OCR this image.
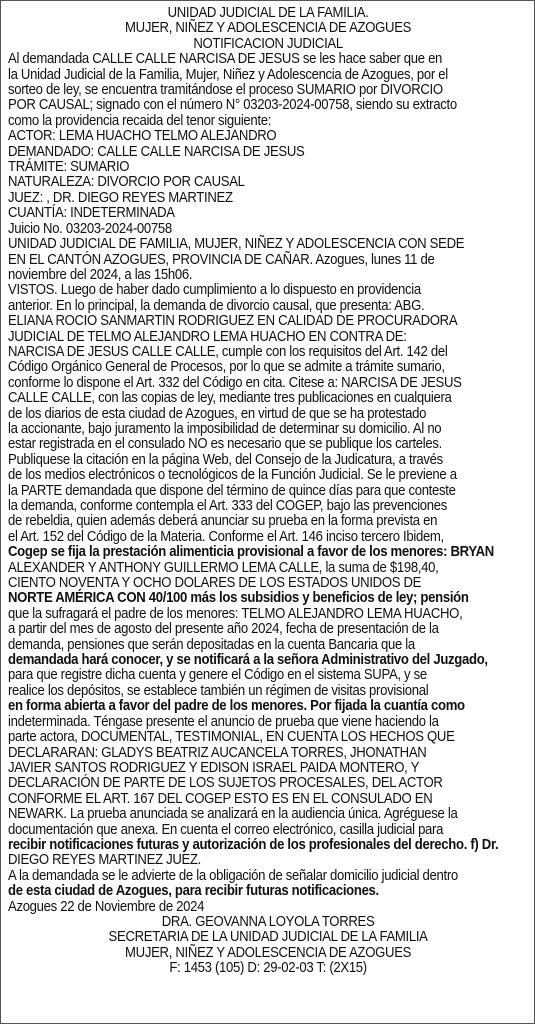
UNIDAD JUDICIAL DE LA FAMILIA.
MUJER, NIÑEZ Y ADOLESCENCIA DE AZOGUES
NOTIFICACION JUDICIAL
Al demandada CALLE CALLE NARCISA DE JESUS se les hace saber que en
la Unidad Judicial de la Familia, Mujer, Niñez y Adolescencia de Azogues, por el
sorteo de ley, se encuentra tramitándose el proceso SUMARIO por DIVORCIO
POR CAUSAL; signado con el número N° 03203-2024-00758, siendo su extracto
como la providencia recaida del tenor siguiente:
ACTOR: LEMA HUACHO TELMO ALEJANDRO
DEMANDADO: CALLE CALLE NARCISA DE JESUS
TRÁMITE: SUMARIO
NATURALEZA: DIVORCIO POR CAUSAL
JUEZ: , DR. DIEGO REYES MARTINEZ
CUANTÍA: INDETERMINADA
Juicio No. 03203-2024-00758
UNIDAD JUDICIAL DE FAMILIA, MUJER, NIÑEZ Y ADOLESCENCIA CON SEDE
EN EL CANTÓN AZOGUES, PROVINCIA DE CAÑAR. Azogues, lunes 11 de
noviembre del 2024, a las 15h06.
VISTOS. Luego de haber dado cumplimiento a lo dispuesto en providencia
anterior. En lo principal, la demanda de divorcio causal, que presenta: ABG.
ELIANA ROCIO SANMARTIN RODRIGUEZ EN CALIDAD DE PROCURADORA
JUDICIAL DE TELMO ALEJANDRO LEMA HUACHO EN CONTRA DE:
NARCISA DE JESUS CALLE CALLE, cumple con los requisitos del Art. 142 del
Código Orgánico General de Procesos, por lo que se admite a trámite sumario,
conforme lo dispone el Art. 332 del Código en cita. Citese a: NARCISA DE JESUS
CALLE CALLE, con las copias de ley, mediante tres publicaciones en cualquiera
de los diarios de esta ciudad de Azogues, en virtud de que se ha protestado
la accionante, bajo juramento la imposibilidad de determinar su domicilio. Al no
estar registrada en el consulado NO es necesario que se publique los carteles.
Publiquese la citación en la página Web, del Consejo de la Judicatura, a través
de los medios electrónicos o tecnológicos de la Función Judicial. Se le previene a
la PARTE demandada que dispone del término de quince días para que conteste
la demanda, conforme contempla el Art. 333 del COGEP, bajo las prevenciones
de rebeldia, quien además deberá anunciar su prueba en la forma prevista en
el Art. 152 del Código de la Materia. Conforme el Art. 146 inciso tercero Ibidem,
Cogep se fija la prestación alimenticia provisional a favor de los menores: BRYAN
ALEXANDER Y ANTHONY GUILLERMO LEMA CALLE, la suma de $198,40,
CIENTO NOVENTA Y OCHO DOLARES DE LOS ESTADOS UNIDOS DE
NORTE AMÉRICA CON 40/100 más los subsidios y beneficios de ley; pensión
que la sufragará el padre de los menores: TELMO ALEJANDRO LEMA HUACHO,
a partir del mes de agosto del presente año 2024, fecha de presentación de la
demanda, pensiones que serán depositadas en la cuenta Bancaria que la
demandada hará conocer, y se notificará a la señora Administrativo del Juzgado,
para que registre dicha cuenta y genere el Código en el sistema SUPA, y se
realice los depósitos, se establece también un régimen de visitas provisional
en forma abierta a favor del padre de los menores. Por fijada la cuantía como
indeterminada. Téngase presente el anuncio de prueba que viene haciendo la
parte actora, DOCUMENTAL, TESTIMONIAL, EN CUENTA LOS HECHOS QUE
DECLARARAN: GLADYS BEATRIZ AUCANCELA TORRES, JHONATHAN
JAVIER SANTOS RODRIGUEZ Y EDISON ISRAEL PAIDA MONTERO, Y
DECLARACIÓN DE PARTE DE LOS SUJETOS PROCESALES, DEL ACTOR
CONFORME EL ART. 167 DEL COGEP ESTO ES EN EL CONSULADO EN
NEWARK. La prueba anunciada se analizará en la audiencia única. Agréguese la
documentación que anexa. En cuenta el correo electrónico, casilla judicial para
recibir notificaciones futuras y autorización de los profesionales del derecho. f) Dr.
DIEGO REYES MARTINEZ JUEZ.
A la demandada se le advierte de la obligación de señalar domicilio judicial dentro
de esta ciudad de Azogues, para recibir futuras notificaciones.
Azogues 22 de Noviembre de 2024
DRA. GEOVANNA LOYOLA TORRES
SECRETARIA DE LA UNIDAD JUDICIAL DE LA FAMILIA
MUJER, NIÑEZ Y ADOLESCENCIA DE AZOGUES
F: 1453 (105) D: 29-02-03 T: (2X15)
